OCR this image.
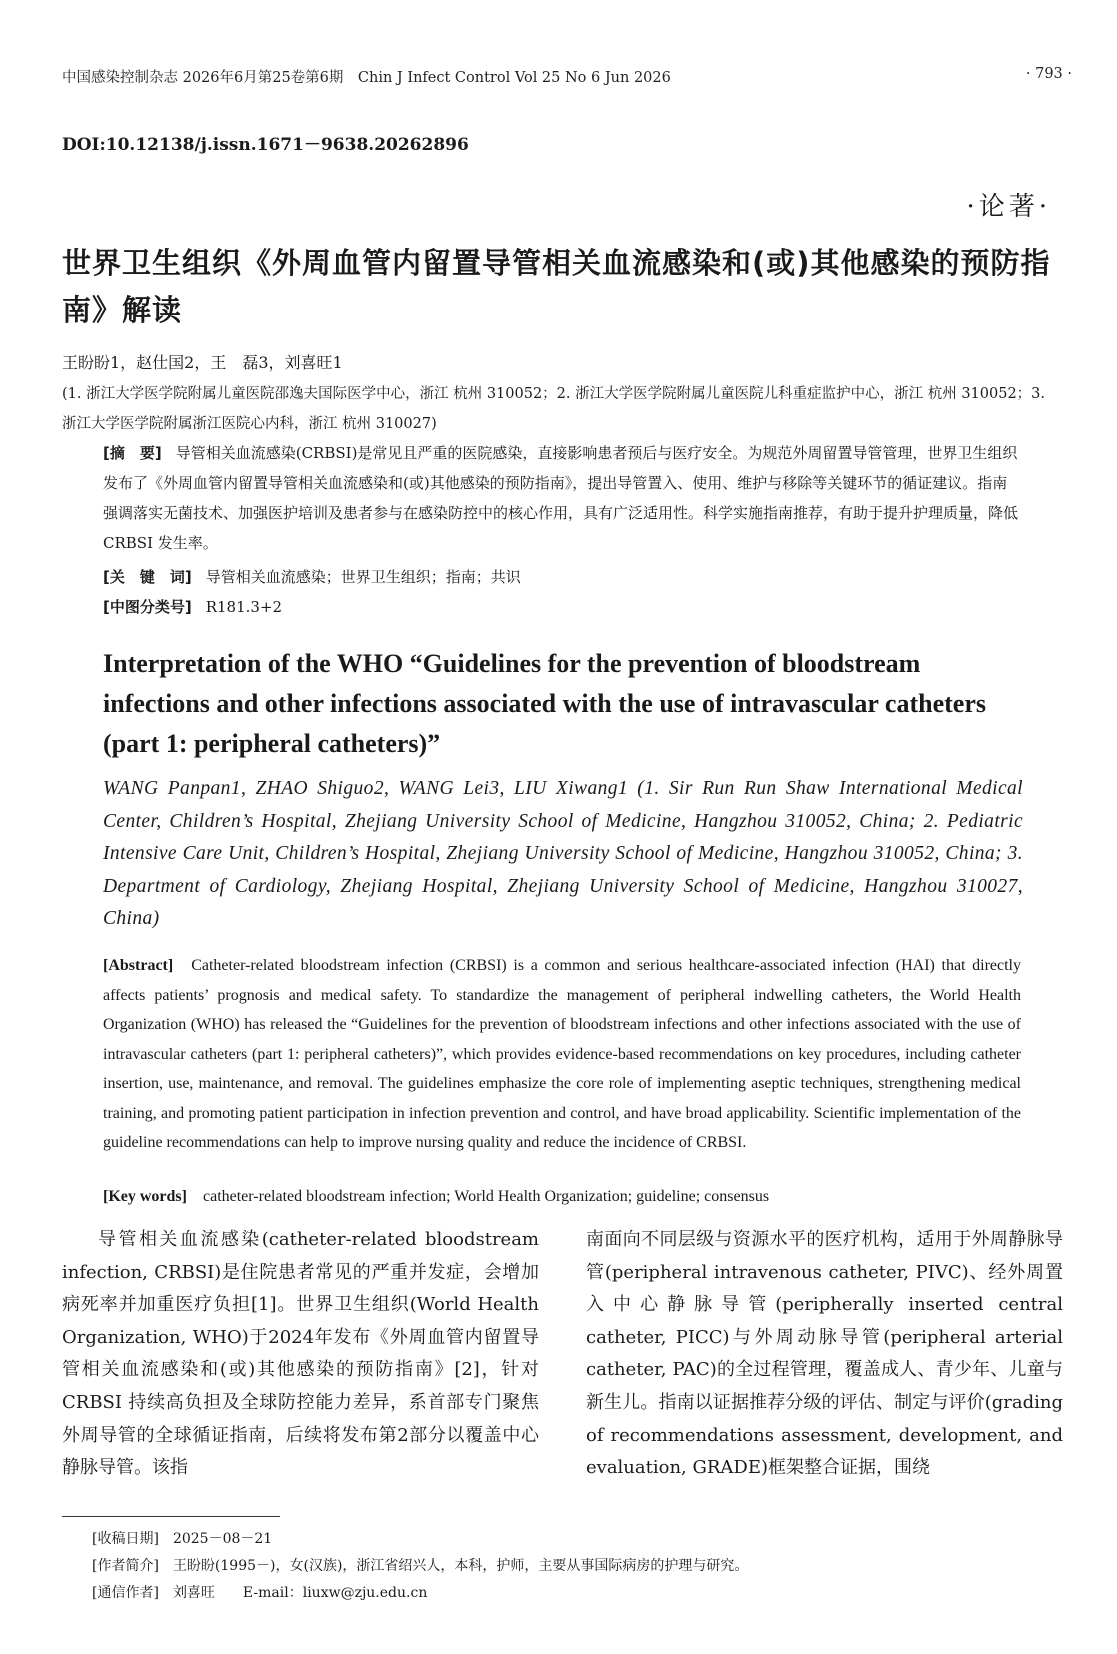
中国感染控制杂志 2026年6月第25卷第6期　Chin J Infect Control Vol 25 No 6 Jun 2026	· 793 ·
DOI:10.12138/j.issn.1671－9638.20262896
·论著·
世界卫生组织《外周血管内留置导管相关血流感染和(或)其他感染的预防指南》解读
王盼盼1，赵仕国2，王　磊3，刘喜旺1
(1. 浙江大学医学院附属儿童医院邵逸夫国际医学中心，浙江 杭州 310052；2. 浙江大学医学院附属儿童医院儿科重症监护中心，浙江 杭州 310052；3. 浙江大学医学院附属浙江医院心内科，浙江 杭州 310027)
[摘　要] 导管相关血流感染(CRBSI)是常见且严重的医院感染，直接影响患者预后与医疗安全。为规范外周留置导管管理，世界卫生组织发布了《外周血管内留置导管相关血流感染和(或)其他感染的预防指南》，提出导管置入、使用、维护与移除等关键环节的循证建议。指南强调落实无菌技术、加强医护培训及患者参与在感染防控中的核心作用，具有广泛适用性。科学实施指南推荐，有助于提升护理质量，降低 CRBSI 发生率。
[关　键　词] 导管相关血流感染；世界卫生组织；指南；共识
[中图分类号] R181.3+2
Interpretation of the WHO “Guidelines for the prevention of bloodstream infections and other infections associated with the use of intravascular catheters (part 1: peripheral catheters)”
WANG Panpan1, ZHAO Shiguo2, WANG Lei3, LIU Xiwang1 (1. Sir Run Run Shaw International Medical Center, Children’s Hospital, Zhejiang University School of Medicine, Hangzhou 310052, China; 2. Pediatric Intensive Care Unit, Children’s Hospital, Zhejiang University School of Medicine, Hangzhou 310052, China; 3. Department of Cardiology, Zhejiang Hospital, Zhejiang University School of Medicine, Hangzhou 310027, China)
[Abstract] Catheter-related bloodstream infection (CRBSI) is a common and serious healthcare-associated infection (HAI) that directly affects patients’ prognosis and medical safety. To standardize the management of peripheral indwelling catheters, the World Health Organization (WHO) has released the “Guidelines for the prevention of bloodstream infections and other infections associated with the use of intravascular catheters (part 1: peripheral catheters)”, which provides evidence-based recommendations on key procedures, including catheter insertion, use, maintenance, and removal. The guidelines emphasize the core role of implementing aseptic techniques, strengthening medical training, and promoting patient participation in infection prevention and control, and have broad applicability. Scientific implementation of the guideline recommendations can help to improve nursing quality and reduce the incidence of CRBSI.
[Key words] catheter-related bloodstream infection; World Health Organization; guideline; consensus
导管相关血流感染(catheter-related bloodstream infection, CRBSI)是住院患者常见的严重并发症，会增加病死率并加重医疗负担[1]。世界卫生组织(World Health Organization, WHO)于2024年发布《外周血管内留置导管相关血流感染和(或)其他感染的预防指南》[2]，针对 CRBSI 持续高负担及全球防控能力差异，系首部专门聚焦外周导管的全球循证指南，后续将发布第2部分以覆盖中心静脉导管。该指
南面向不同层级与资源水平的医疗机构，适用于外周静脉导管(peripheral intravenous catheter, PIVC)、经外周置入中心静脉导管(peripherally inserted central catheter, PICC)与外周动脉导管(peripheral arterial catheter, PAC)的全过程管理，覆盖成人、青少年、儿童与新生儿。指南以证据推荐分级的评估、制定与评价(grading of recommendations assessment, development, and evaluation, GRADE)框架整合证据，围绕
[收稿日期] 2025－08－21
[作者简介] 王盼盼(1995－)，女(汉族)，浙江省绍兴人，本科，护师，主要从事国际病房的护理与研究。
[通信作者] 刘喜旺　　E-mail：liuxw@zju.edu.cn
